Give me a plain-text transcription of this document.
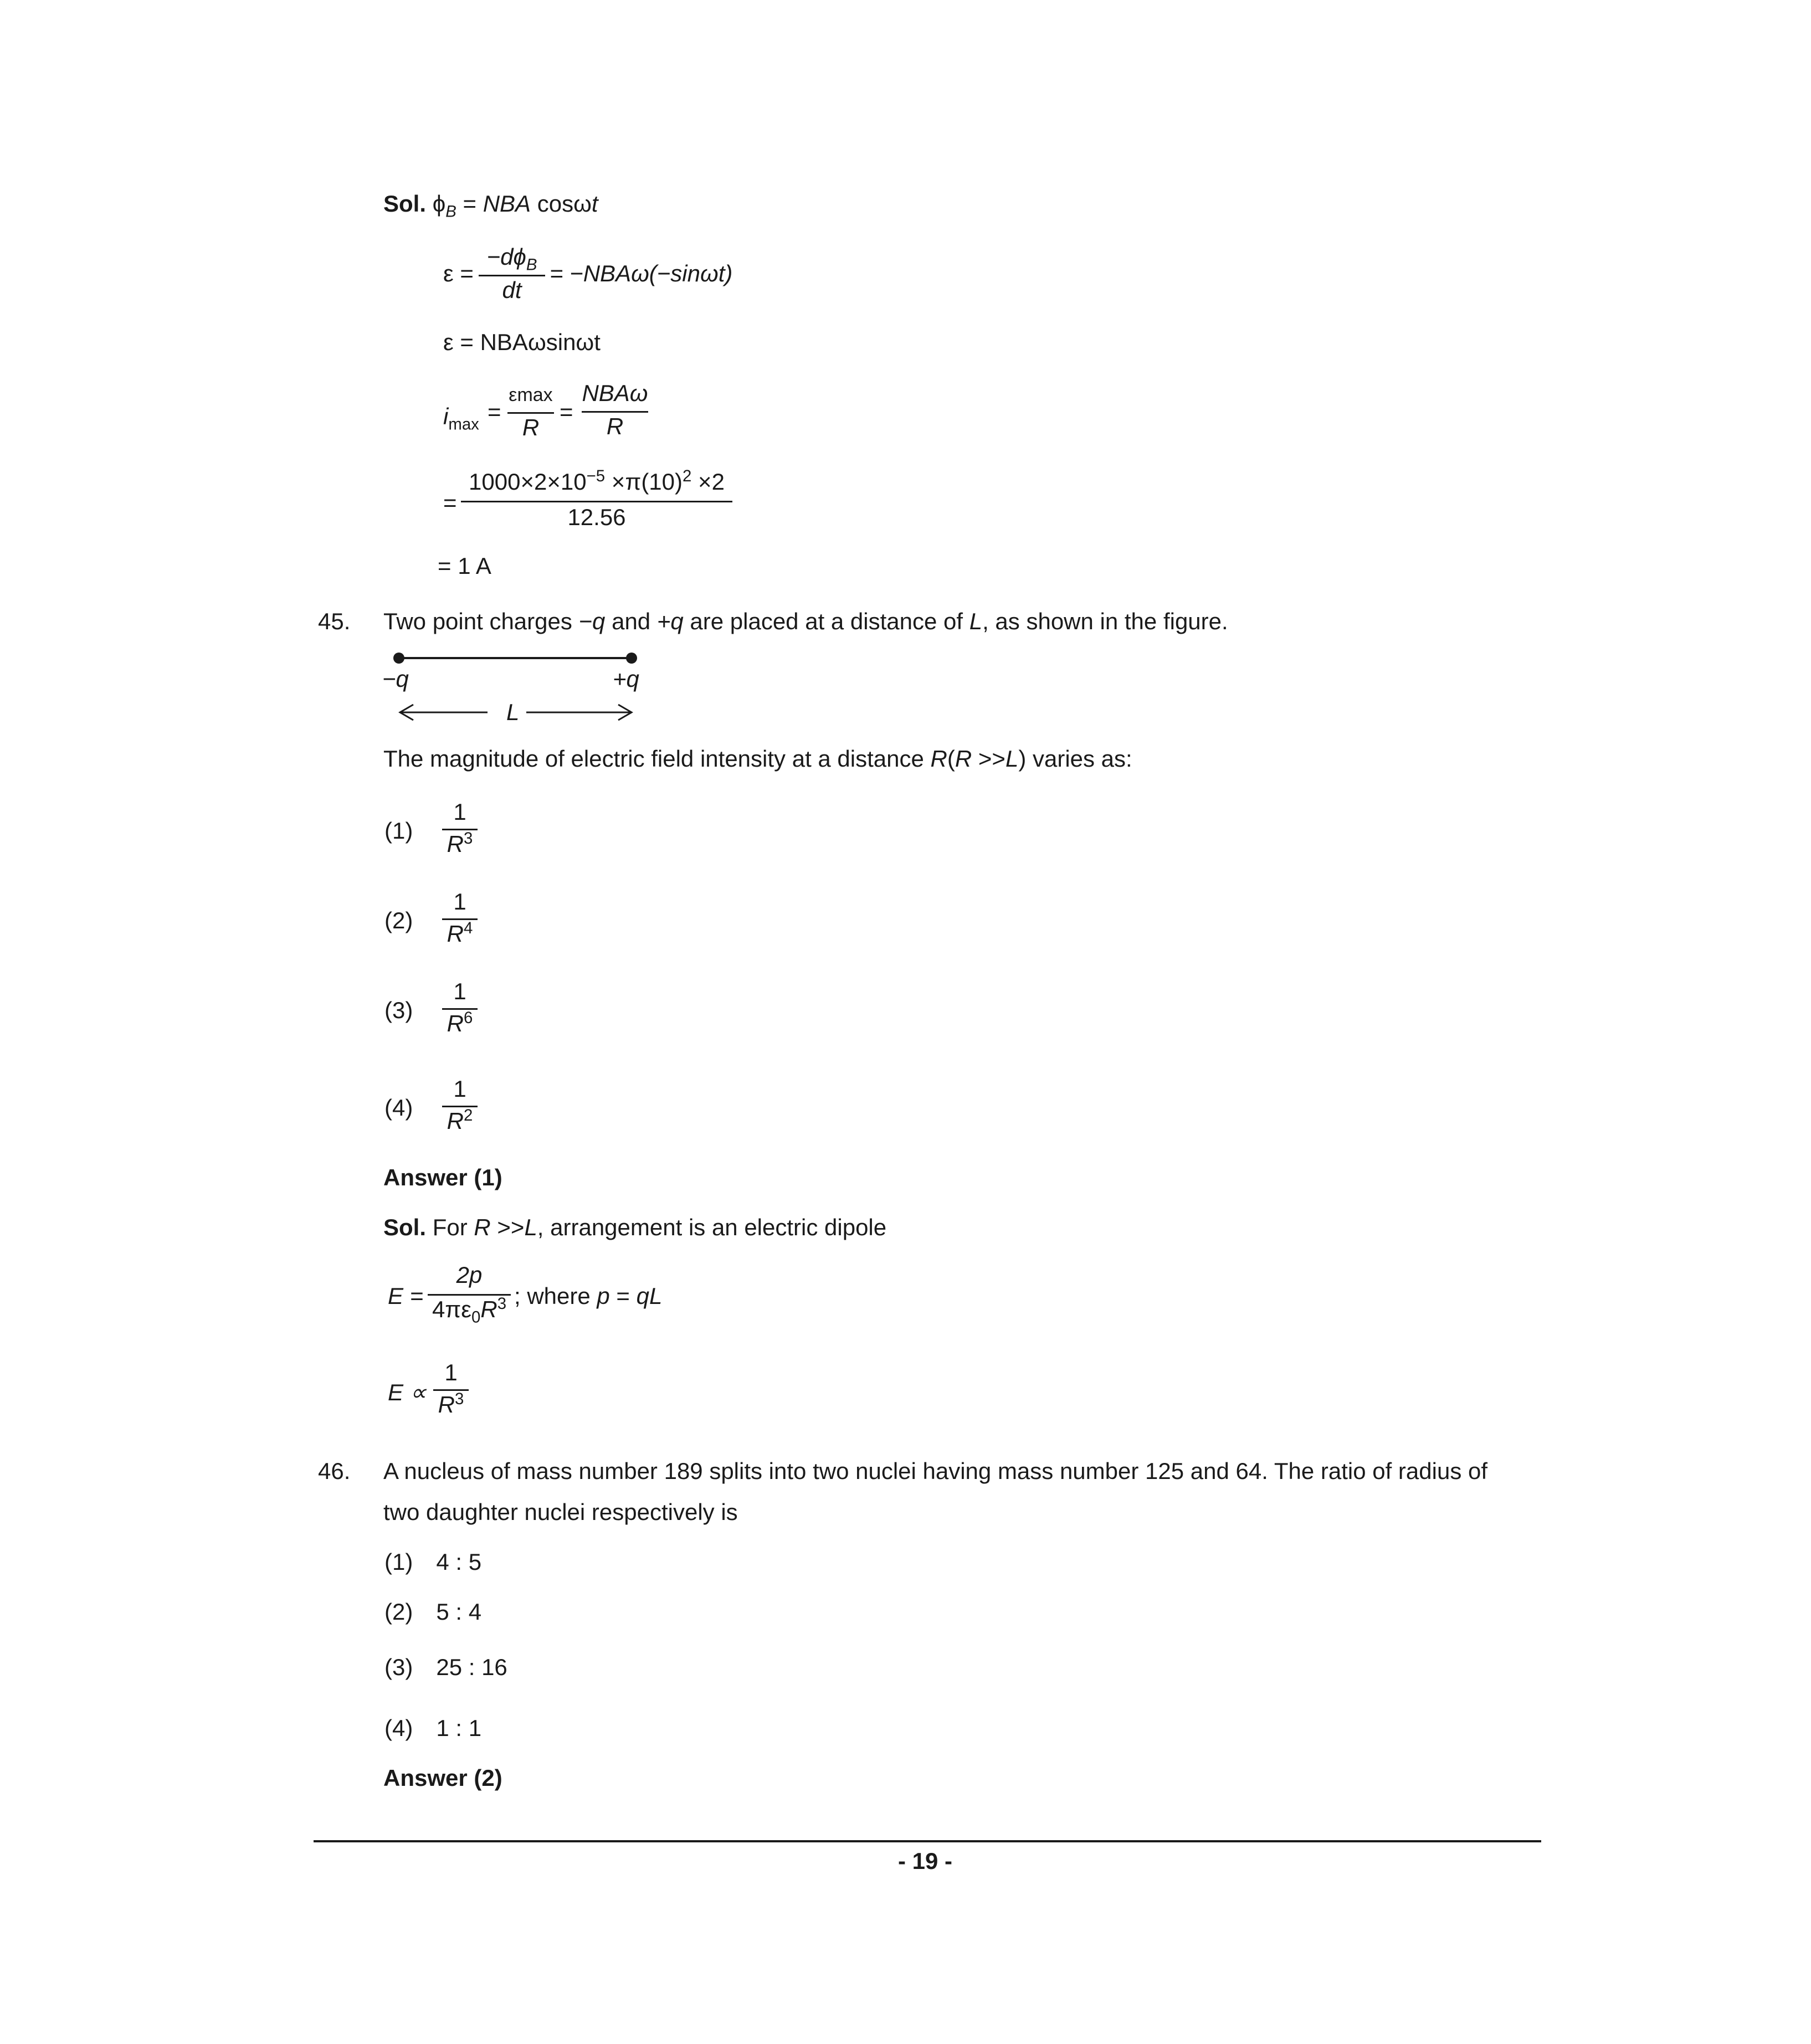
Sol. $\phi_B$ = NBA cosωt
ε =
$-d\phi_B$
dt
= −NBAω(−sinωt)
ε = NBAωsinωt
$i_{max}$ =
εmax
R
=
NBAω
R
=
$1000\times 2\times 10^{-5} \times\pi(10)^2 \times 2$
12.56
= 1 A
45. Two point charges −q and +q are placed at a distance of L, as shown in the figure.
−q	+q
L
The magnitude of electric field intensity at a distance R(R >>L) varies as:
(1)
1
$R^3$
(2)
1
$R^4$
(3)
1
$R^6$
(4)
1
$R^2$
Answer (1)
Sol. For R >>L, arrangement is an electric dipole
E =
2p
$4\pi\varepsilon_0R^3$ ; where p = qL
E ∝
1
$R^3$
46. A nucleus of mass number 189 splits into two nuclei having mass number 125 and 64. The ratio of radius of
two daughter nuclei respectively is
(1) 4 : 5
(2) 5 : 4
(3) 25 : 16
(4) 1 : 1
Answer (2)
- 19 -
